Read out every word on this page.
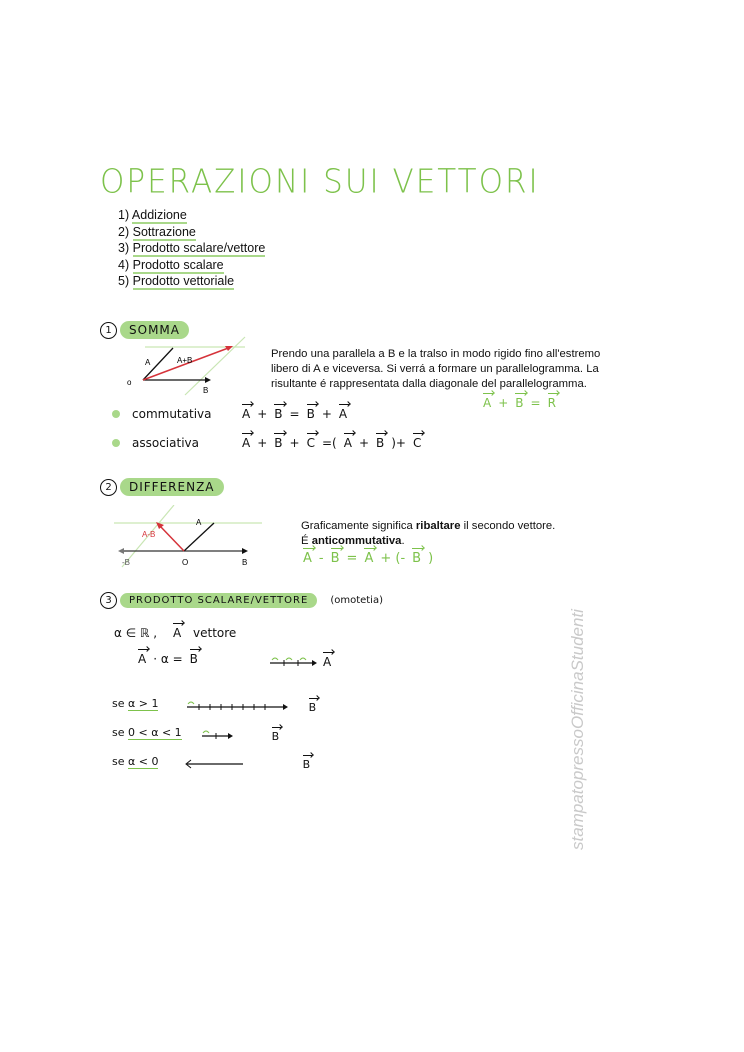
OPERAZIONI SUI VETTORI
1) Addizione
2) Sottrazione
3) Prodotto scalare/vettore
4) Prodotto scalare
5) Prodotto vettoriale
1	SOMMA
A	A+B
B
o
Prendo una parallela a B e la tralso in modo rigido fino all'estremo libero di A e viceversa. Si verrá a formare un parallelogramma. La risultante é rappresentata dalla diagonale del parallelogramma.
A + B = R
commutativa	A + B = B + A
associativa	A + B + C =( A + B )+ C
2	DIFFERENZA
A
A-B
-B	O	B
Graficamente significa ribaltare il secondo vettore.
É anticommutativa.
A - B = A + (- B )
3	PRODOTTO SCALARE/VETTORE	(omotetia)
α ∈ ℝ , A vettore
A · α = B	A
se α > 1	B
se 0 < α < 1	B
se α < 0	B	stampatopressoOfficinaStudenti
